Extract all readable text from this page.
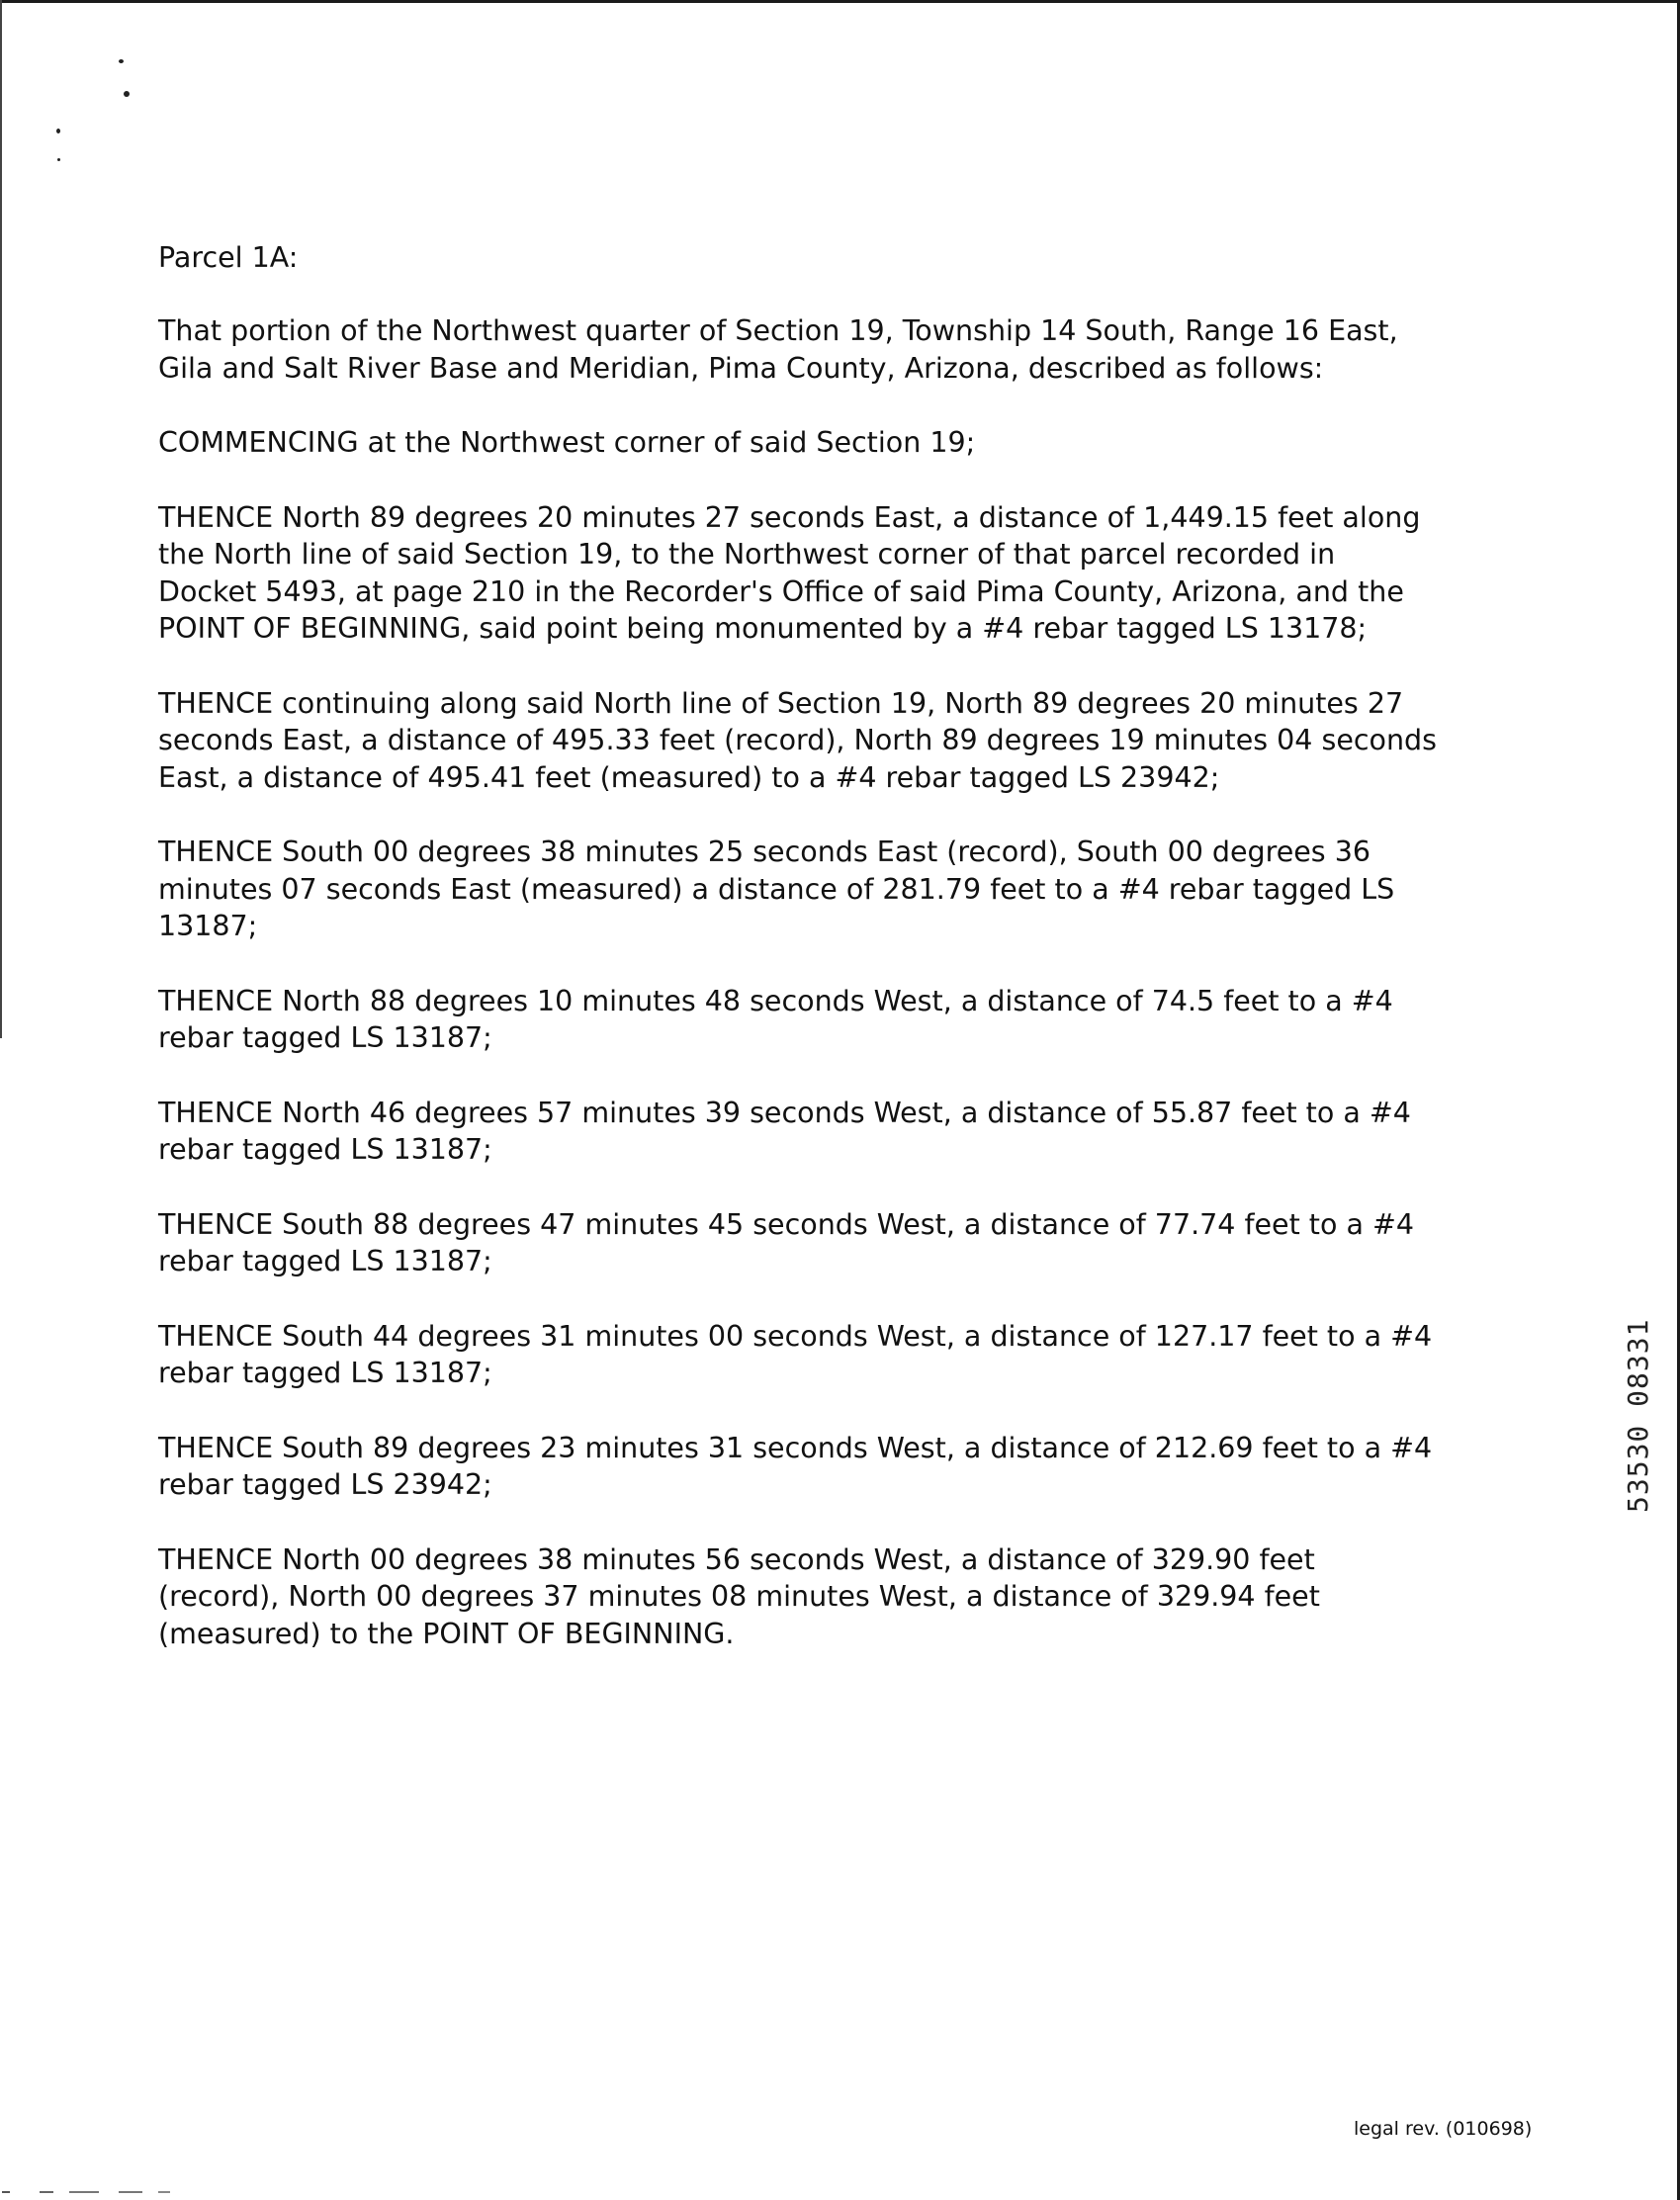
Parcel 1A:
That portion of the Northwest quarter of Section 19, Township 14 South, Range 16 East,
Gila and Salt River Base and Meridian, Pima County, Arizona, described as follows:
COMMENCING at the Northwest corner of said Section 19;
THENCE North 89 degrees 20 minutes 27 seconds East, a distance of 1,449.15 feet along
the North line of said Section 19, to the Northwest corner of that parcel recorded in
Docket 5493, at page 210 in the Recorder's Office of said Pima County, Arizona, and the
POINT OF BEGINNING, said point being monumented by a #4 rebar tagged LS 13178;
THENCE continuing along said North line of Section 19, North 89 degrees 20 minutes 27
seconds East, a distance of 495.33 feet (record), North 89 degrees 19 minutes 04 seconds
East, a distance of 495.41 feet (measured) to a #4 rebar tagged LS 23942;
THENCE South 00 degrees 38 minutes 25 seconds East (record), South 00 degrees 36
minutes 07 seconds East (measured) a distance of 281.79 feet to a #4 rebar tagged LS
13187;
THENCE North 88 degrees 10 minutes 48 seconds West, a distance of 74.5 feet to a #4
rebar tagged LS 13187;
THENCE North 46 degrees 57 minutes 39 seconds West, a distance of 55.87 feet to a #4
rebar tagged LS 13187;
THENCE South 88 degrees 47 minutes 45 seconds West, a distance of 77.74 feet to a #4
rebar tagged LS 13187;
THENCE South 44 degrees 31 minutes 00 seconds West, a distance of 127.17 feet to a #4
rebar tagged LS 13187;
THENCE South 89 degrees 23 minutes 31 seconds West, a distance of 212.69 feet to a #4
rebar tagged LS 23942;
THENCE North 00 degrees 38 minutes 56 seconds West, a distance of 329.90 feet
(record), North 00 degrees 37 minutes 08 minutes West, a distance of 329.94 feet
(measured) to the POINT OF BEGINNING.
53530 08331
legal rev. (010698)
